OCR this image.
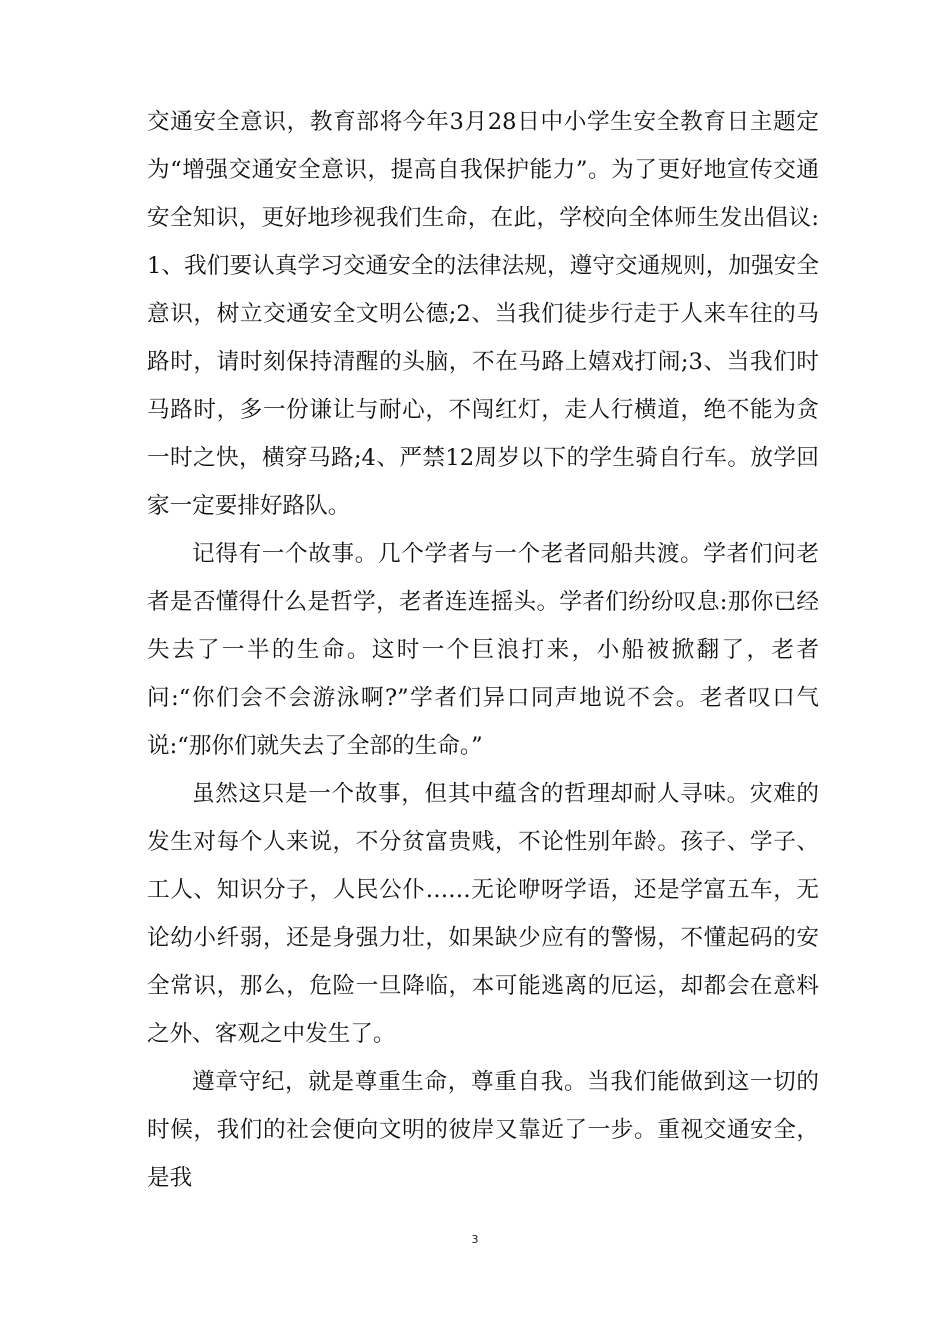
交通安全意识，教育部将今年3月28日中小学生安全教育日主题定为“增强交通安全意识，提高自我保护能力”。为了更好地宣传交通安全知识，更好地珍视我们生命，在此，学校向全体师生发出倡议:1、我们要认真学习交通安全的法律法规，遵守交通规则，加强安全意识，树立交通安全文明公德;2、当我们徒步行走于人来车往的马路时，请时刻保持清醒的头脑，不在马路上嬉戏打闹;3、当我们时马路时，多一份谦让与耐心，不闯红灯，走人行横道，绝不能为贪一时之快，横穿马路;4、严禁12周岁以下的学生骑自行车。放学回家一定要排好路队。

记得有一个故事。几个学者与一个老者同船共渡。学者们问老者是否懂得什么是哲学，老者连连摇头。学者们纷纷叹息:那你已经失去了一半的生命。这时一个巨浪打来，小船被掀翻了，老者问:“你们会不会游泳啊?”学者们异口同声地说不会。老者叹口气说:“那你们就失去了全部的生命。”

虽然这只是一个故事，但其中蕴含的哲理却耐人寻味。灾难的发生对每个人来说，不分贫富贵贱，不论性别年龄。孩子、学子、工人、知识分子，人民公仆……无论咿呀学语，还是学富五车，无论幼小纤弱，还是身强力壮，如果缺少应有的警惕，不懂起码的安全常识，那么，危险一旦降临，本可能逃离的厄运，却都会在意料之外、客观之中发生了。

遵章守纪，就是尊重生命，尊重自我。当我们能做到这一切的时候，我们的社会便向文明的彼岸又靠近了一步。重视交通安全，是我

3
